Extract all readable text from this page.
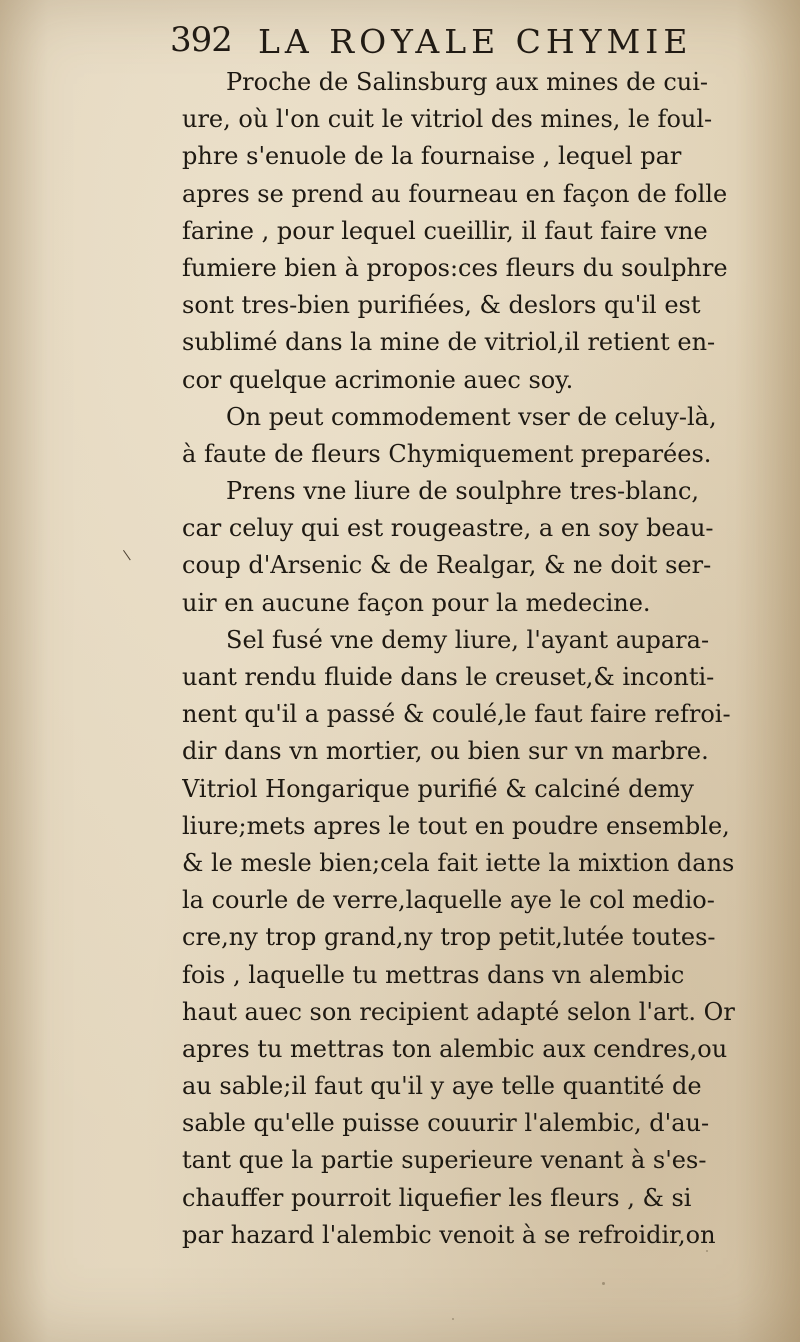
392 LA ROYALE CHYMIE
Proche de Salinsburg aux mines de cui-
ure, où l'on cuit le vitriol des mines, le foul-
phre s'enuole de la fournaise , lequel par
apres se prend au fourneau en façon de folle
farine , pour lequel cueillir, il faut faire vne
fumiere bien à propos:ces fleurs du soulphre
sont tres-bien purifiées, & deslors qu'il est
sublimé dans la mine de vitriol,il retient en-
cor quelque acrimonie auec soy.
On peut commodement vser de celuy-là,
à faute de fleurs Chymiquement preparées.
Prens vne liure de soulphre tres-blanc,
car celuy qui est rougeastre, a en soy beau-
coup d'Arsenic & de Realgar, & ne doit ser-
uir en aucune façon pour la medecine.
Sel fusé vne demy liure, l'ayant aupara-
uant rendu fluide dans le creuset,& inconti-
nent qu'il a passé & coulé,le faut faire refroi-
dir dans vn mortier, ou bien sur vn marbre.
Vitriol Hongarique purifié & calciné demy
liure;mets apres le tout en poudre ensemble,
& le mesle bien;cela fait iette la mixtion dans
la courle de verre,laquelle aye le col medio-
cre,ny trop grand,ny trop petit,lutée toutes-
fois , laquelle tu mettras dans vn alembic
haut auec son recipient adapté selon l'art. Or
apres tu mettras ton alembic aux cendres,ou
au sable;il faut qu'il y aye telle quantité de
sable qu'elle puisse couurir l'alembic, d'au-
tant que la partie superieure venant à s'es-
chauffer pourroit liquefier les fleurs , & si
par hazard l'alembic venoit à se refroidir,on
